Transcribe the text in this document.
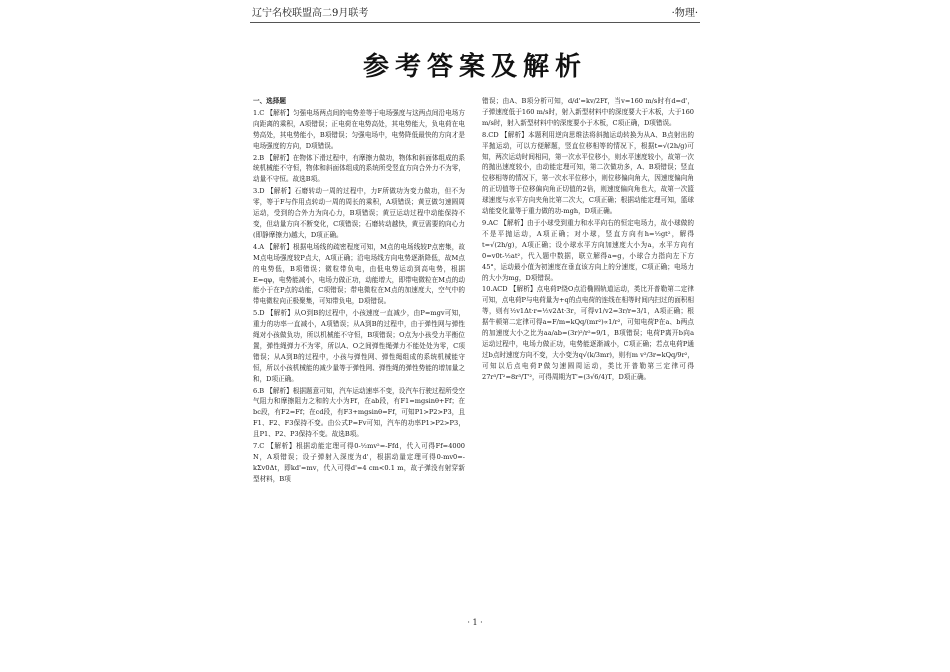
辽宁名校联盟高二9月联考	·物理·
参考答案及解析

一、选择题

1.C 【解析】匀强电场两点间的电势差等于电场强度与这两点间沿电场方向距离的乘积，A项错误；正电荷在电势高处，其电势能大，负电荷在电势高处，其电势能小，B项错误；匀强电场中，电势降低最快的方向才是电场强度的方向，D项错误。

2.B 【解析】在物体下滑过程中，有摩擦力做功，物体和斜面体组成的系统机械能不守恒，物体和斜面体组成的系统所受竖直方向合外力不为零，动量不守恒。故选B项。

3.D 【解析】石磨转动一周的过程中，力F所做功为变力做功，但不为零，等于F与作用点转动一周的周长的乘积，A项错误；黄豆做匀速圆周运动，受到的合外力为向心力，B项错误；黄豆运动过程中动能保持不变，但动量方向不断变化，C项错误；石磨转动越快，黄豆需要的向心力(即静摩擦力)越大，D项正确。

4.A 【解析】根据电场线的疏密程度可知，M点的电场线较P点密集，故M点电场强度较P点大，A项正确；沿电场线方向电势逐渐降低，故M点的电势低，B项错误；微粒带负电，由低电势运动到高电势，根据E=qφ，电势能减小，电场力做正功，动能增大，即带电微粒在M点的动能小于在P点的动能，C项错误；带电微粒在M点的加速度大，空气中的带电微粒向正极聚集，可知带负电，D项错误。

5.D 【解析】从O到B的过程中，小孩速度一直减少，由P=mgv可知，重力的功率一直减小，A项错误；从A到B的过程中，由于弹性网与弹性绳对小孩做负功，所以机械能不守恒，B项错误；O点为小孩受力平衡位置，弹性绳弹力不为零，所以A、O之间弹性绳弹力不能处处为零，C项错误；从A到B的过程中，小孩与弹性网、弹性绳组成的系统机械能守恒，所以小孩机械能的减少量等于弹性网、弹性绳的弹性势能的增加量之和，D项正确。

6.B 【解析】根据题意可知，汽车运动速率不变，设汽车行驶过程所受空气阻力和摩擦阻力之和的大小为Ff，在ab段，有F1=mgsinθ+Ff；在bc段，有F2=Ff；在cd段，有F3+mgsinθ=Ff，可知P1>P2>P3，且F1、F2、F3保持不变。由公式P=Fv可知，汽车的功率P1>P2>P3，且P1、P2、P3保持不变。故选B项。

7.C 【解析】根据动能定理可得0-½mv²=-Ffd，代入可得Ff=4000 N，A项错误；设子弹射入深度为d'，根据动量定理可得0-mv0=-kΣv0Δt，即kd'=mv，代入可得d'=4 cm<0.1 m，故子弹没有射穿新型材料，B项

错误；由A、B项分析可知，d/d'=kv/2Ff，当v=160 m/s时有d=d'，子弹速度低于160 m/s时，射入新型材料中的深度要大于木板，大于160 m/s时，射入新型材料中的深度要小于木板，C项正确，D项错误。

8.CD 【解析】本题利用逆向思维法将斜抛运动转换为从A、B点射出的平抛运动，可以方便解题，竖直位移相等的情况下，根据t=√(2h/g)可知，两次运动时间相同，第一次水平位移小，则水平速度较小，故第一次的抛出速度较小，由动能定理可知，第二次做功多，A、B项错误；竖直位移相等的情况下，第一次水平位移小，则位移偏向角大，因速度偏向角的正切值等于位移偏向角正切值的2倍，则速度偏向角也大，故第一次篮球速度与水平方向夹角比第二次大，C项正确；根据动能定理可知，篮球动能变化量等于重力做的功-mgh，D项正确。

9.AC 【解析】由于小球受到重力和水平向右的恒定电场力，故小球做的不是平抛运动，A项正确；对小球，竖直方向有h=½gt²，解得t=√(2h/g)，A项正确；设小球水平方向加速度大小为a，水平方向有0=v0t-½at²，代入题中数据，联立解得a=g，小球合力指向左下方45°，运动最小值为初速度在垂直该方向上的分速度，C项正确；电场力的大小为mg，D项错误。

10.ACD 【解析】点电荷P绕O点沿椭圆轨道运动，类比开普勒第二定律可知，点电荷P与电荷量为+q的点电荷的连线在相等时间内扫过的面积相等，则有½v1Δt·r=½v2Δt·3r，可得v1/v2=3r/r=3/1，A项正确；根据牛顿第二定律可得a=F/m=kQq/(mr²)∝1/r²，可知电荷P在a、b两点的加速度大小之比为aa/ab=(3r)²/r²=9/1，B项错误；电荷P离开b向a运动过程中，电场力做正功，电势能逐渐减小，C项正确；若点电荷P通过b点时速度方向不变，大小变为q√(k/3mr)，则有m v²/3r=kQq/9r²，可知以后点电荷P做匀速圆周运动，类比开普勒第三定律可得27r³/T²=8r³/T'²，可得周期为T'=(3√6/4)T，D项正确。

· 1 ·
